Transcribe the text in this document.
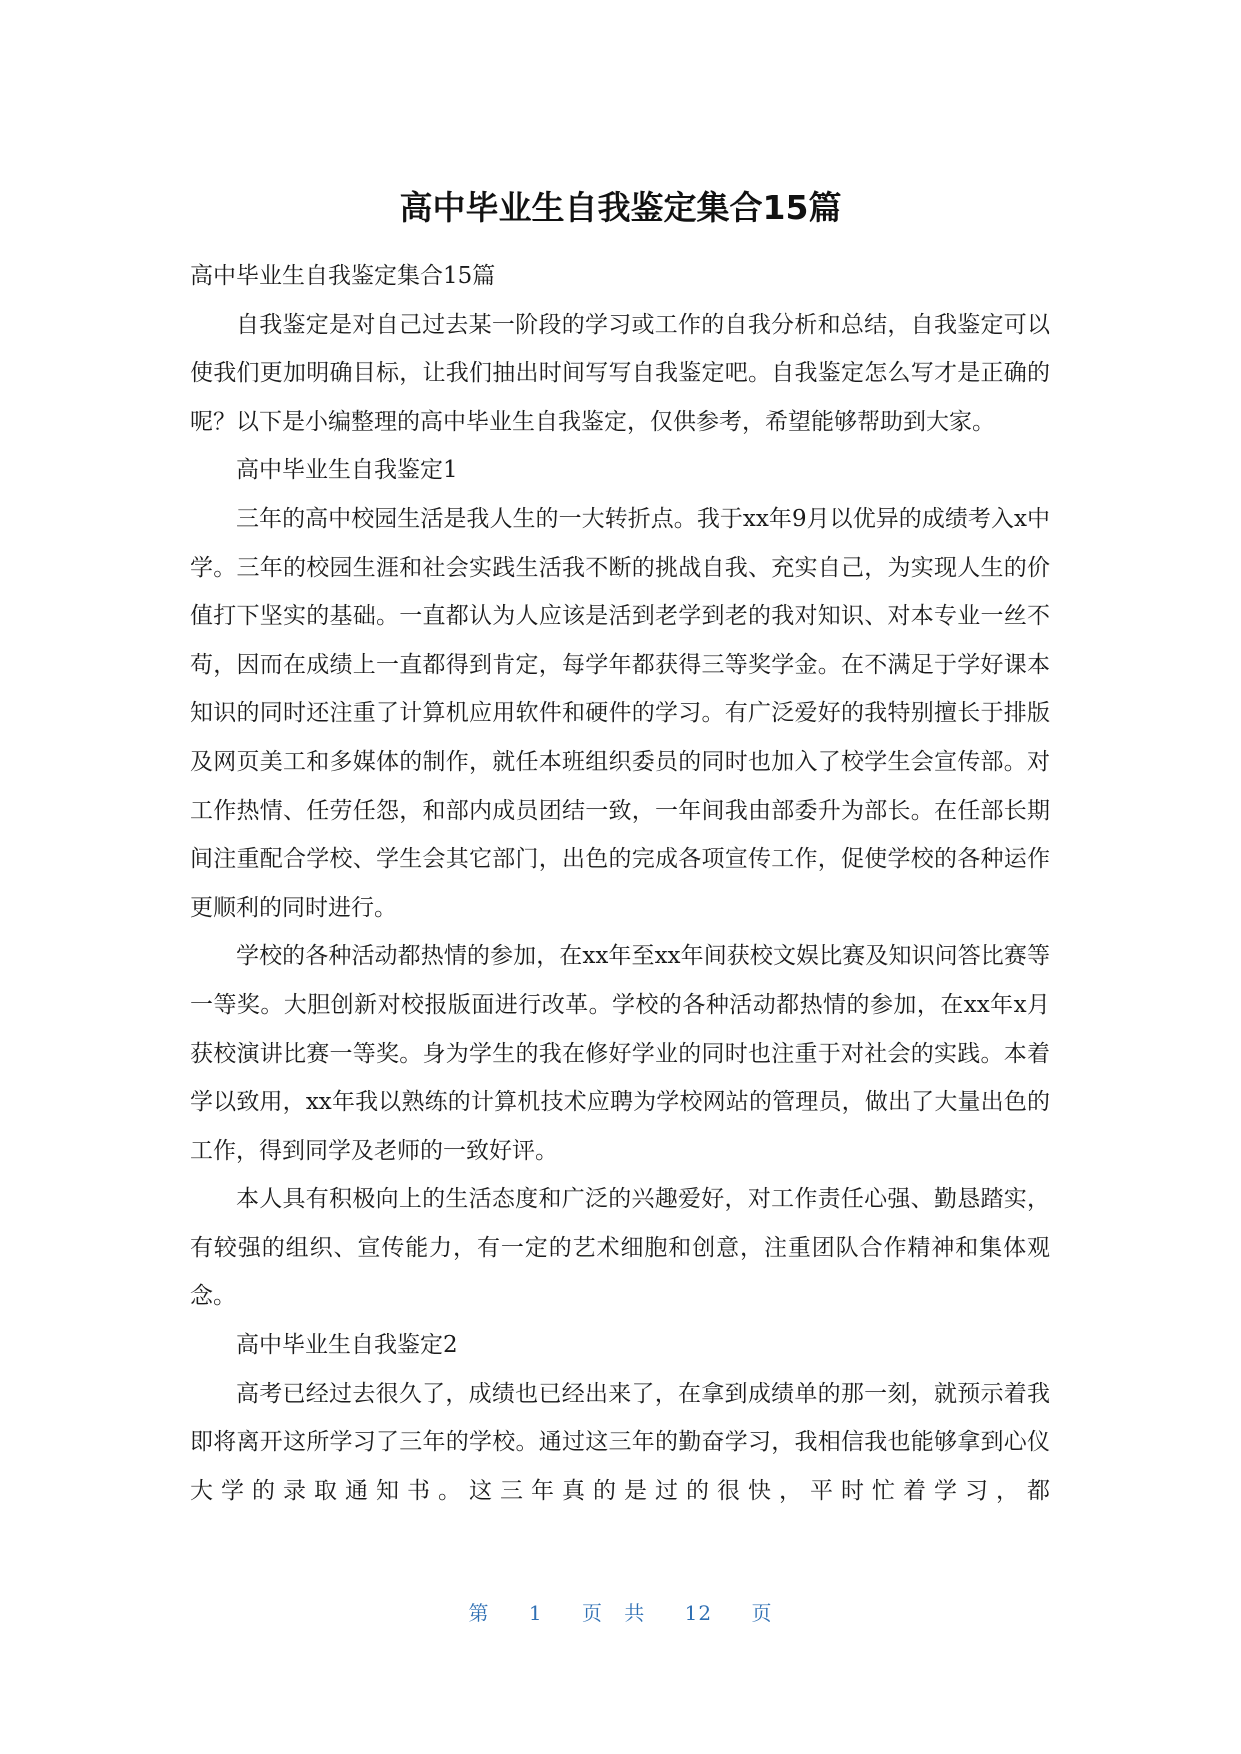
高中毕业生自我鉴定集合15篇

高中毕业生自我鉴定集合15篇

自我鉴定是对自己过去某一阶段的学习或工作的自我分析和总结，自我鉴定可以使我们更加明确目标，让我们抽出时间写写自我鉴定吧。自我鉴定怎么写才是正确的呢？以下是小编整理的高中毕业生自我鉴定，仅供参考，希望能够帮助到大家。

高中毕业生自我鉴定1

三年的高中校园生活是我人生的一大转折点。我于xx年9月以优异的成绩考入x中学。三年的校园生涯和社会实践生活我不断的挑战自我、充实自己，为实现人生的价值打下坚实的基础。一直都认为人应该是活到老学到老的我对知识、对本专业一丝不苟，因而在成绩上一直都得到肯定，每学年都获得三等奖学金。在不满足于学好课本知识的同时还注重了计算机应用软件和硬件的学习。有广泛爱好的我特别擅长于排版及网页美工和多媒体的制作，就任本班组织委员的同时也加入了校学生会宣传部。对工作热情、任劳任怨，和部内成员团结一致，一年间我由部委升为部长。在任部长期间注重配合学校、学生会其它部门，出色的完成各项宣传工作，促使学校的各种运作更顺利的同时进行。

学校的各种活动都热情的参加，在xx年至xx年间获校文娱比赛及知识问答比赛等一等奖。大胆创新对校报版面进行改革。学校的各种活动都热情的参加，在xx年x月获校演讲比赛一等奖。身为学生的我在修好学业的同时也注重于对社会的实践。本着学以致用，xx年我以熟练的计算机技术应聘为学校网站的管理员，做出了大量出色的工作，得到同学及老师的一致好评。

本人具有积极向上的生活态度和广泛的兴趣爱好，对工作责任心强、勤恳踏实，有较强的组织、宣传能力，有一定的艺术细胞和创意，注重团队合作精神和集体观念。

高中毕业生自我鉴定2

高考已经过去很久了，成绩也已经出来了，在拿到成绩单的那一刻，就预示着我即将离开这所学习了三年的学校。通过这三年的勤奋学习，我相信我也能够拿到心仪大学的录取通知书。这三年真的是过的很快，平时忙着学习，都

第 1 页 共 12 页
